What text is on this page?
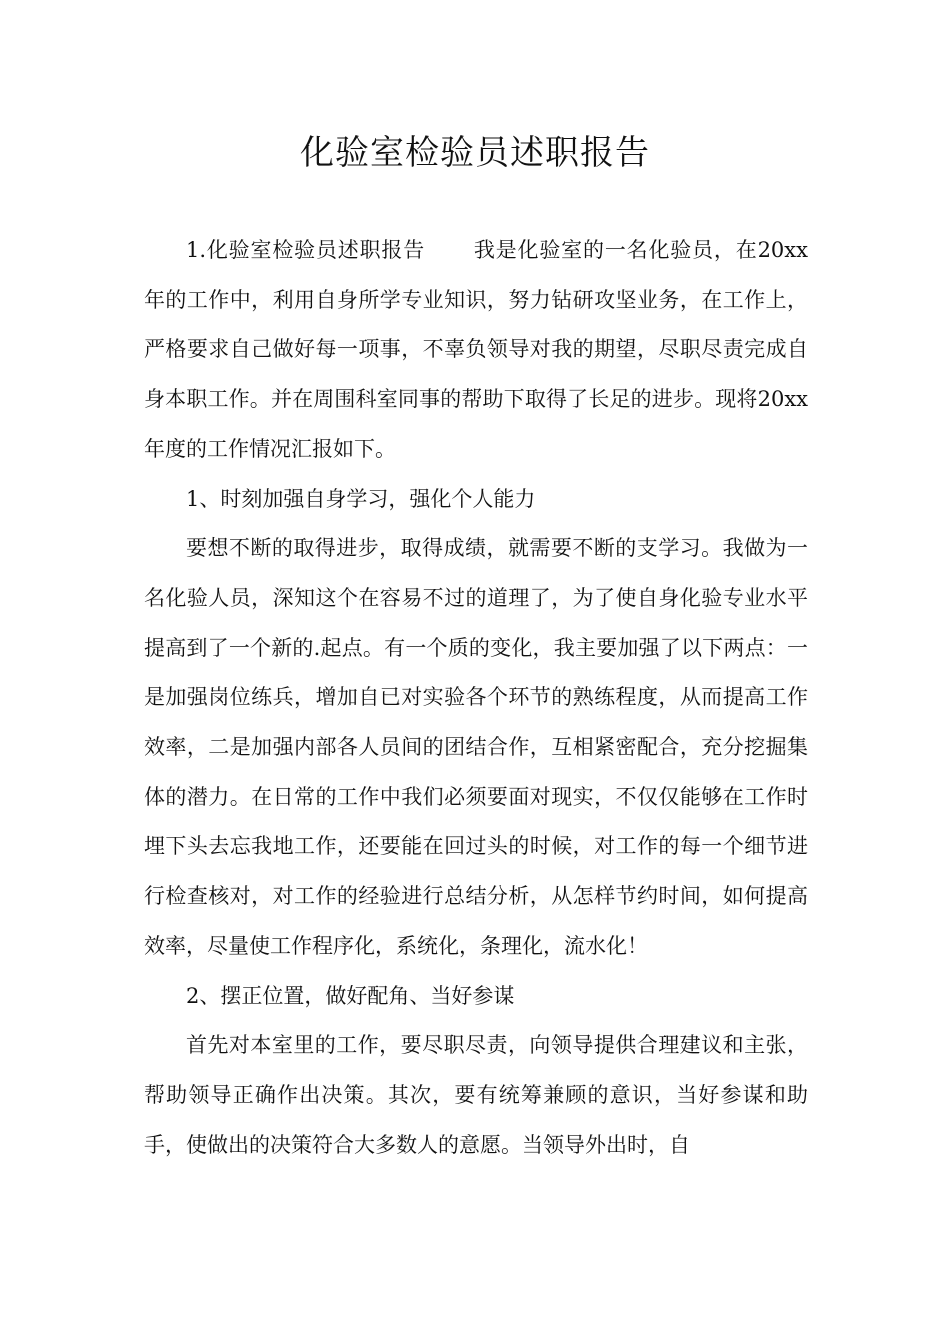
化验室检验员述职报告

1.化验室检验员述职报告 我是化验室的一名化验员，在20xx年的工作中，利用自身所学专业知识，努力钻研攻坚业务，在工作上，严格要求自己做好每一项事，不辜负领导对我的期望，尽职尽责完成自身本职工作。并在周围科室同事的帮助下取得了长足的进步。现将20xx年度的工作情况汇报如下。

1、时刻加强自身学习，强化个人能力

要想不断的取得进步，取得成绩，就需要不断的支学习。我做为一名化验人员，深知这个在容易不过的道理了，为了使自身化验专业水平提高到了一个新的.起点。有一个质的变化，我主要加强了以下两点：一是加强岗位练兵，增加自已对实验各个环节的熟练程度，从而提高工作效率，二是加强内部各人员间的团结合作，互相紧密配合，充分挖掘集体的潜力。在日常的工作中我们必须要面对现实，不仅仅能够在工作时埋下头去忘我地工作，还要能在回过头的时候，对工作的每一个细节进行检查核对，对工作的经验进行总结分析，从怎样节约时间，如何提高效率，尽量使工作程序化，系统化，条理化，流水化！

2、摆正位置，做好配角、当好参谋

首先对本室里的工作，要尽职尽责，向领导提供合理建议和主张，帮助领导正确作出决策。其次，要有统筹兼顾的意识，当好参谋和助手，使做出的决策符合大多数人的意愿。当领导外出时，自
